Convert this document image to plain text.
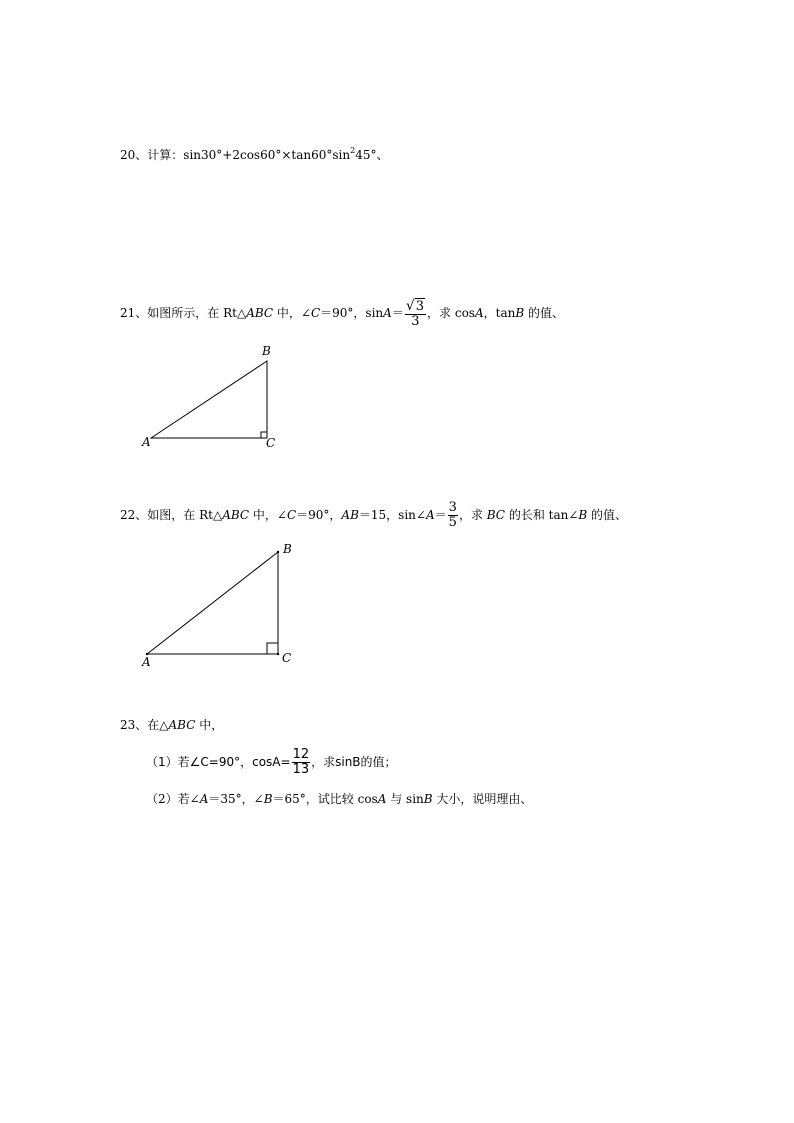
20、计算：$\sin 30^\circ+2\cos 60^\circ\times\tan 60^\circ\sin^245^\circ$、
21、如图所示，在 Rt△ABC 中，∠C＝90°，$\sin A= \frac{√3}{3}$ ，求 cosA，tanB 的值、
B
A	C
22、如图，在 Rt△ABC 中，∠C＝90°，AB＝15，sin∠A＝ $\frac{3}{5}$ ，求 BC 的长和 tan∠B 的值、
B
A	C
23、在△ABC 中，
（1）若∠C=90°，$\cos A= \frac{12}{13}$ ，求sinB的值；
（2）若∠A＝35°，∠B＝65°，试比较 cosA 与 sinB 大小，说明理由、
